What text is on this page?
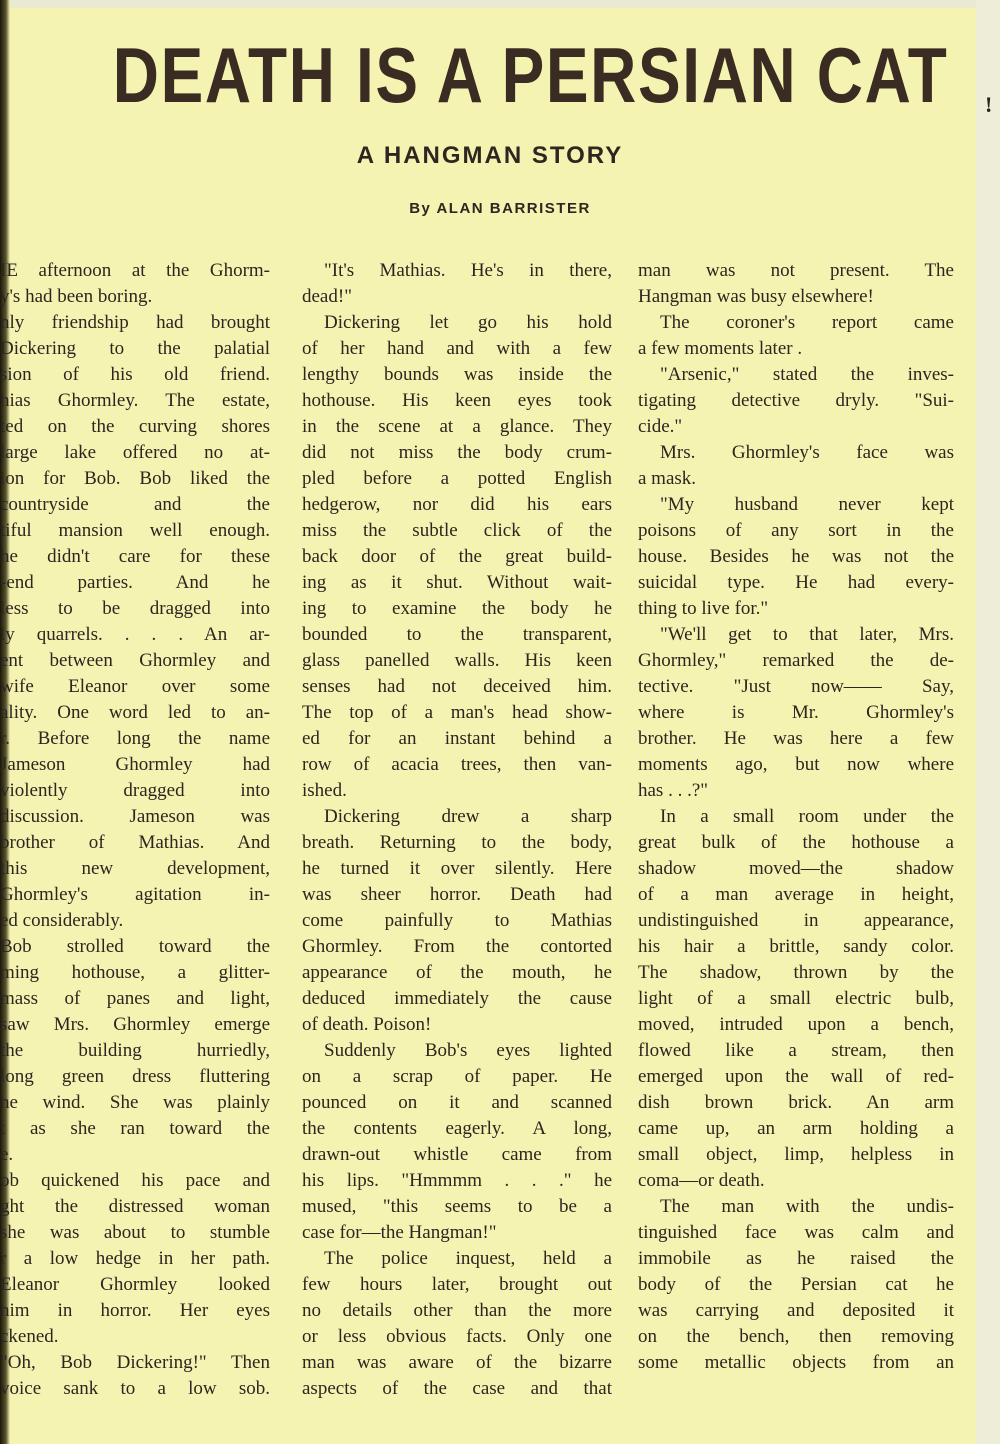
!
DEATH IS A PERSIAN CAT
A HANGMAN STORY
By ALAN BARRISTER
IE afternoon at the Ghorm-
y's had been boring.
nly friendship had brought
Dickering to the palatial
sion of his old friend.
hias Ghormley. The estate,
ted on the curving shores
large lake offered no at-
ion for Bob. Bob liked the
countryside and the
tiful mansion well enough.
he didn't care for these
-end parties. And he
less to be dragged into
ly quarrels. . . . An ar-
ent between Ghormley and
wife Eleanor over some
ality. One word led to an-
r. Before long the name
Jameson Ghormley had
violently dragged into
discussion. Jameson was
brother of Mathias. And
this new development,
Ghormley's agitation in-
ed considerably.
Bob strolled toward the
ming hothouse, a glitter-
mass of panes and light,
saw Mrs. Ghormley emerge
the building hurriedly,
long green dress fluttering
he wind. She was plainly
t as she ran toward the
e.
ob quickened his pace and
ght the distressed woman
she was about to stumble
r a low hedge in her path.
Eleanor Ghormley looked
him in horror. Her eyes
ckened.
"Oh, Bob Dickering!" Then
voice sank to a low sob.
"It's Mathias. He's in there,
dead!"
Dickering let go his hold
of her hand and with a few
lengthy bounds was inside the
hothouse. His keen eyes took
in the scene at a glance. They
did not miss the body crum-
pled before a potted English
hedgerow, nor did his ears
miss the subtle click of the
back door of the great build-
ing as it shut. Without wait-
ing to examine the body he
bounded to the transparent,
glass panelled walls. His keen
senses had not deceived him.
The top of a man's head show-
ed for an instant behind a
row of acacia trees, then van-
ished.
Dickering drew a sharp
breath. Returning to the body,
he turned it over silently. Here
was sheer horror. Death had
come painfully to Mathias
Ghormley. From the contorted
appearance of the mouth, he
deduced immediately the cause
of death. Poison!
Suddenly Bob's eyes lighted
on a scrap of paper. He
pounced on it and scanned
the contents eagerly. A long,
drawn-out whistle came from
his lips. "Hmmmm . . ." he
mused, "this seems to be a
case for—the Hangman!"
The police inquest, held a
few hours later, brought out
no details other than the more
or less obvious facts. Only one
man was aware of the bizarre
aspects of the case and that
man was not present. The
Hangman was busy elsewhere!
The coroner's report came
a few moments later .
"Arsenic," stated the inves-
tigating detective dryly. "Sui-
cide."
Mrs. Ghormley's face was
a mask.
"My husband never kept
poisons of any sort in the
house. Besides he was not the
suicidal type. He had every-
thing to live for."
"We'll get to that later, Mrs.
Ghormley," remarked the de-
tective. "Just now—— Say,
where is Mr. Ghormley's
brother. He was here a few
moments ago, but now where
has . . .?"
In a small room under the
great bulk of the hothouse a
shadow moved—the shadow
of a man average in height,
undistinguished in appearance,
his hair a brittle, sandy color.
The shadow, thrown by the
light of a small electric bulb,
moved, intruded upon a bench,
flowed like a stream, then
emerged upon the wall of red-
dish brown brick. An arm
came up, an arm holding a
small object, limp, helpless in
coma—or death.
The man with the undis-
tinguished face was calm and
immobile as he raised the
body of the Persian cat he
was carrying and deposited it
on the bench, then removing
some metallic objects from an
